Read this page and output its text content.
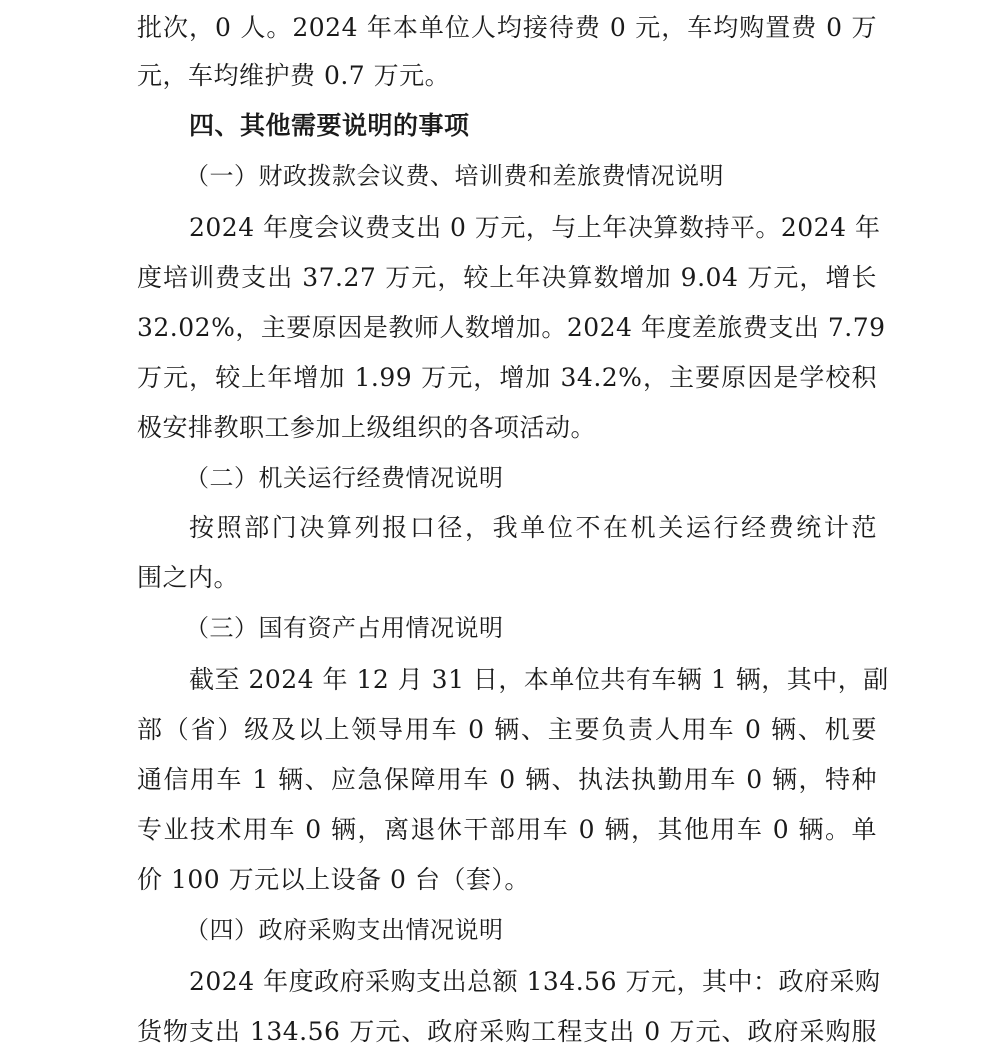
批次，0 人。2024 年本单位人均接待费 0 元，车均购置费 0 万
元，车均维护费 0.7 万元。
四、其他需要说明的事项
（一）财政拨款会议费、培训费和差旅费情况说明
2024 年度会议费支出 0 万元，与上年决算数持平。2024 年
度培训费支出 37.27 万元，较上年决算数增加 9.04 万元，增长
32.02%，主要原因是教师人数增加。2024 年度差旅费支出 7.79
万元，较上年增加 1.99 万元，增加 34.2%，主要原因是学校积
极安排教职工参加上级组织的各项活动。
（二）机关运行经费情况说明
按照部门决算列报口径，我单位不在机关运行经费统计范
围之内。
（三）国有资产占用情况说明
截至 2024 年 12 月 31 日，本单位共有车辆 1 辆，其中，副
部（省）级及以上领导用车 0 辆、主要负责人用车 0 辆、机要
通信用车 1 辆、应急保障用车 0 辆、执法执勤用车 0 辆，特种
专业技术用车 0 辆，离退休干部用车 0 辆，其他用车 0 辆。单
价 100 万元以上设备 0 台（套）。
（四）政府采购支出情况说明
2024 年度政府采购支出总额 134.56 万元，其中：政府采购
货物支出 134.56 万元、政府采购工程支出 0 万元、政府采购服
